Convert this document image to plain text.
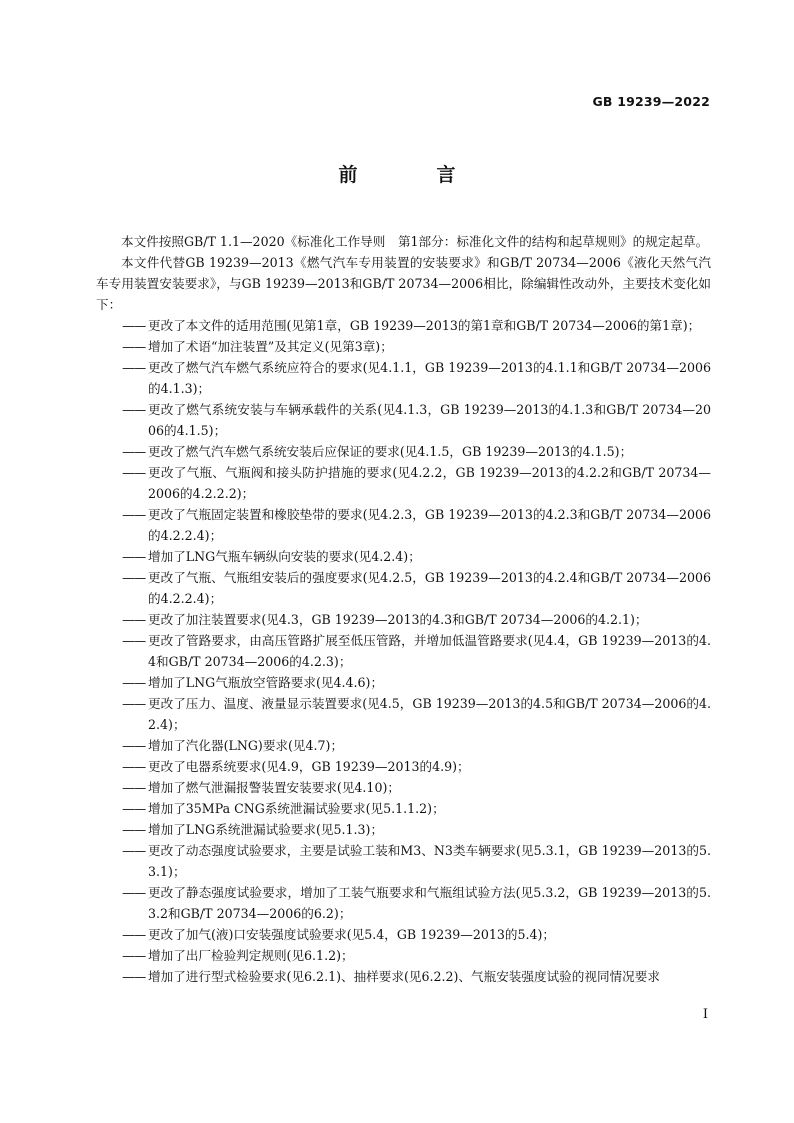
GB 19239—2022
前　言

本文件按照GB/T 1.1—2020《标准化工作导则　第1部分：标准化文件的结构和起草规则》的规定起草。

本文件代替GB 19239—2013《燃气汽车专用装置的安装要求》和GB/T 20734—2006《液化天然气汽车专用装置安装要求》，与GB 19239—2013和GB/T 20734—2006相比，除编辑性改动外，主要技术变化如下：

—— 更改了本文件的适用范围(见第1章，GB 19239—2013的第1章和GB/T 20734—2006的第1章)；
—— 增加了术语“加注装置”及其定义(见第3章)；
—— 更改了燃气汽车燃气系统应符合的要求(见4.1.1，GB 19239—2013的4.1.1和GB/T 20734—2006的4.1.3)；
—— 更改了燃气系统安装与车辆承载件的关系(见4.1.3，GB 19239—2013的4.1.3和GB/T 20734—2006的4.1.5)；
—— 更改了燃气汽车燃气系统安装后应保证的要求(见4.1.5，GB 19239—2013的4.1.5)；
—— 更改了气瓶、气瓶阀和接头防护措施的要求(见4.2.2，GB 19239—2013的4.2.2和GB/T 20734—2006的4.2.2.2)；
—— 更改了气瓶固定装置和橡胶垫带的要求(见4.2.3，GB 19239—2013的4.2.3和GB/T 20734—2006的4.2.2.4)；
—— 增加了LNG气瓶车辆纵向安装的要求(见4.2.4)；
—— 更改了气瓶、气瓶组安装后的强度要求(见4.2.5，GB 19239—2013的4.2.4和GB/T 20734—2006的4.2.2.4)；
—— 更改了加注装置要求(见4.3，GB 19239—2013的4.3和GB/T 20734—2006的4.2.1)；
—— 更改了管路要求，由高压管路扩展至低压管路，并增加低温管路要求(见4.4，GB 19239—2013的4.4和GB/T 20734—2006的4.2.3)；
—— 增加了LNG气瓶放空管路要求(见4.4.6)；
—— 更改了压力、温度、液量显示装置要求(见4.5，GB 19239—2013的4.5和GB/T 20734—2006的4.2.4)；
—— 增加了汽化器(LNG)要求(见4.7)；
—— 更改了电器系统要求(见4.9，GB 19239—2013的4.9)；
—— 增加了燃气泄漏报警装置安装要求(见4.10)；
—— 增加了35MPa CNG系统泄漏试验要求(见5.1.1.2)；
—— 增加了LNG系统泄漏试验要求(见5.1.3)；
—— 更改了动态强度试验要求，主要是试验工装和M3、N3类车辆要求(见5.3.1，GB 19239—2013的5.3.1)；
—— 更改了静态强度试验要求，增加了工装气瓶要求和气瓶组试验方法(见5.3.2，GB 19239—2013的5.3.2和GB/T 20734—2006的6.2)；
—— 更改了加气(液)口安装强度试验要求(见5.4，GB 19239—2013的5.4)；
—— 增加了出厂检验判定规则(见6.1.2)；
—— 增加了进行型式检验要求(见6.2.1)、抽样要求(见6.2.2)、气瓶安装强度试验的视同情况要求
I
